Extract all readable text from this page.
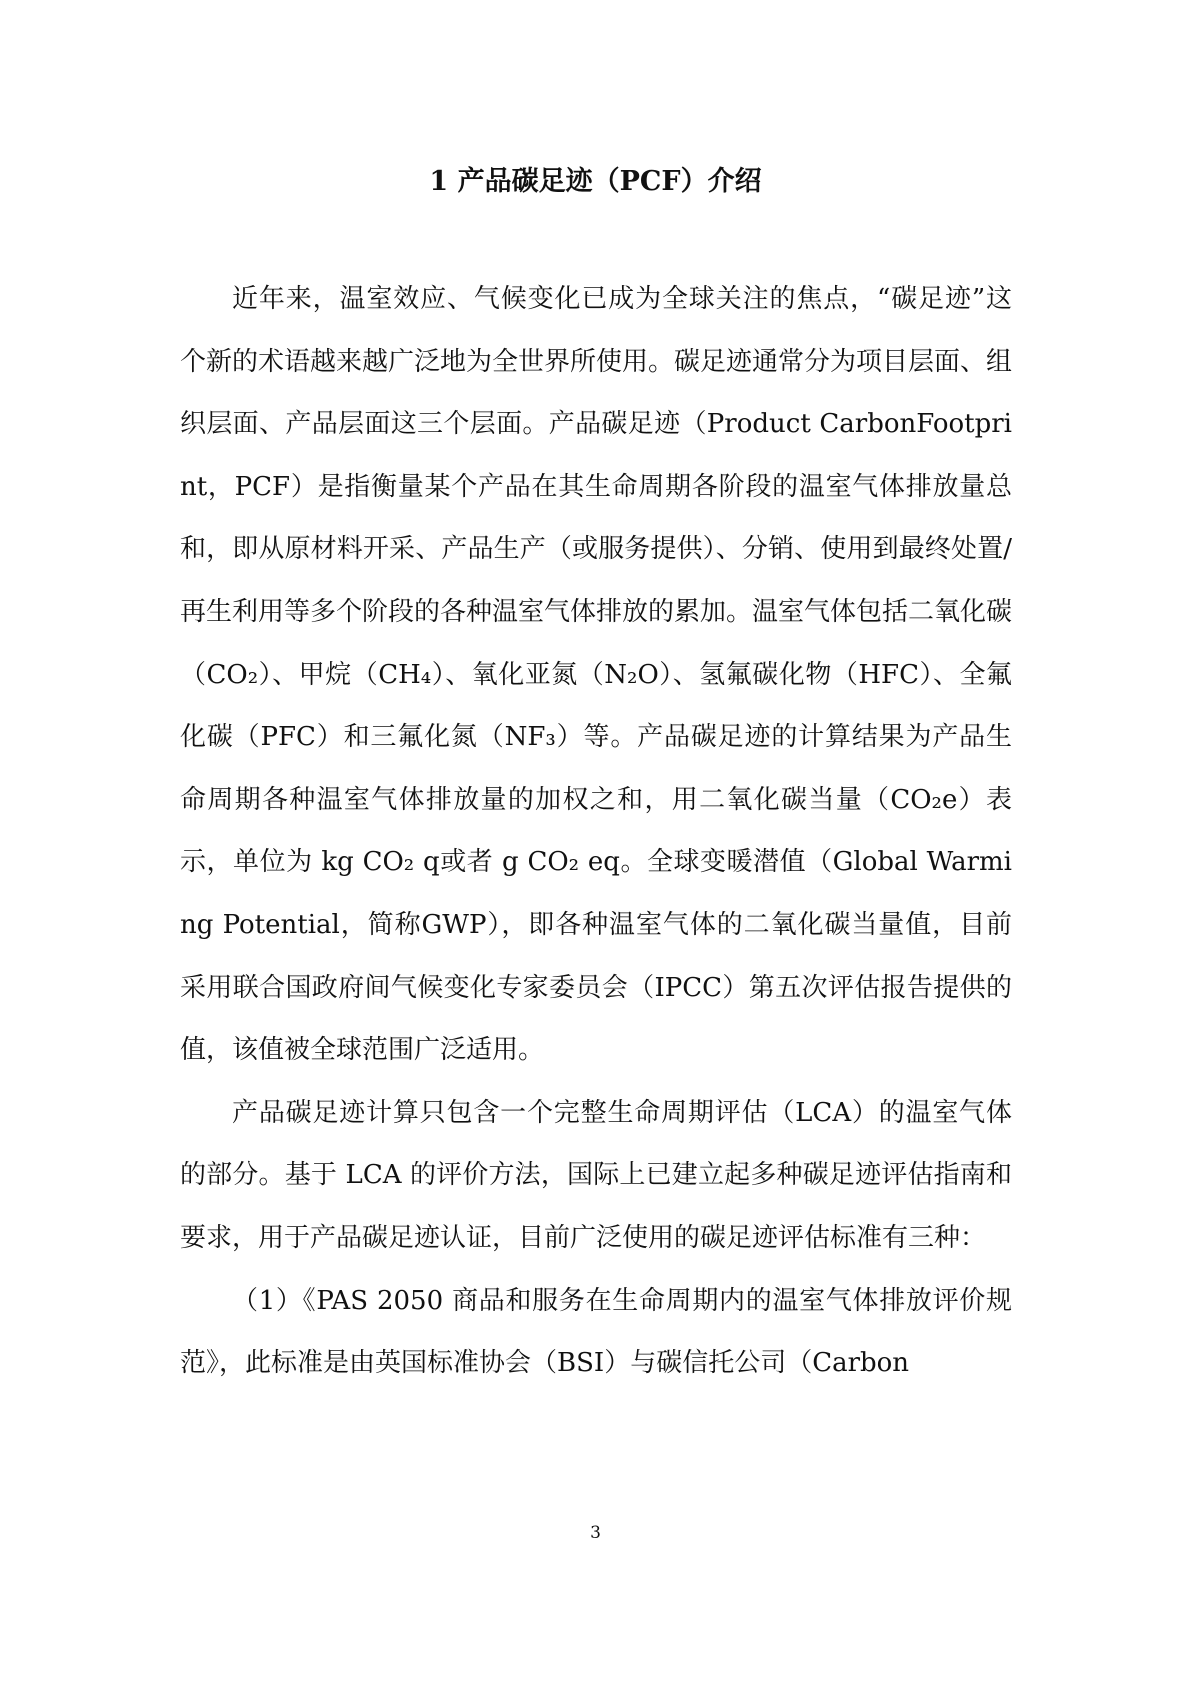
1 产品碳足迹（PCF）介绍

近年来，温室效应、气候变化已成为全球关注的焦点，“碳足迹”这个新的术语越来越广泛地为全世界所使用。碳足迹通常分为项目层面、组织层面、产品层面这三个层面。产品碳足迹（Product CarbonFootprint，PCF）是指衡量某个产品在其生命周期各阶段的温室气体排放量总和，即从原材料开采、产品生产（或服务提供）、分销、使用到最终处置/再生利用等多个阶段的各种温室气体排放的累加。温室气体包括二氧化碳（CO₂）、甲烷（CH₄）、氧化亚氮（N₂O）、氢氟碳化物（HFC）、全氟化碳（PFC）和三氟化氮（NF₃）等。产品碳足迹的计算结果为产品生命周期各种温室气体排放量的加权之和，用二氧化碳当量（CO₂e）表示，单位为 kg CO₂ q或者 g CO₂ eq。全球变暖潜值（Global Warming Potential，简称GWP），即各种温室气体的二氧化碳当量值，目前采用联合国政府间气候变化专家委员会（IPCC）第五次评估报告提供的值，该值被全球范围广泛适用。

产品碳足迹计算只包含一个完整生命周期评估（LCA）的温室气体的部分。基于 LCA 的评价方法，国际上已建立起多种碳足迹评估指南和要求，用于产品碳足迹认证，目前广泛使用的碳足迹评估标准有三种：

（1）《PAS 2050 商品和服务在生命周期内的温室气体排放评价规范》，此标准是由英国标准协会（BSI）与碳信托公司（Carbon

3
